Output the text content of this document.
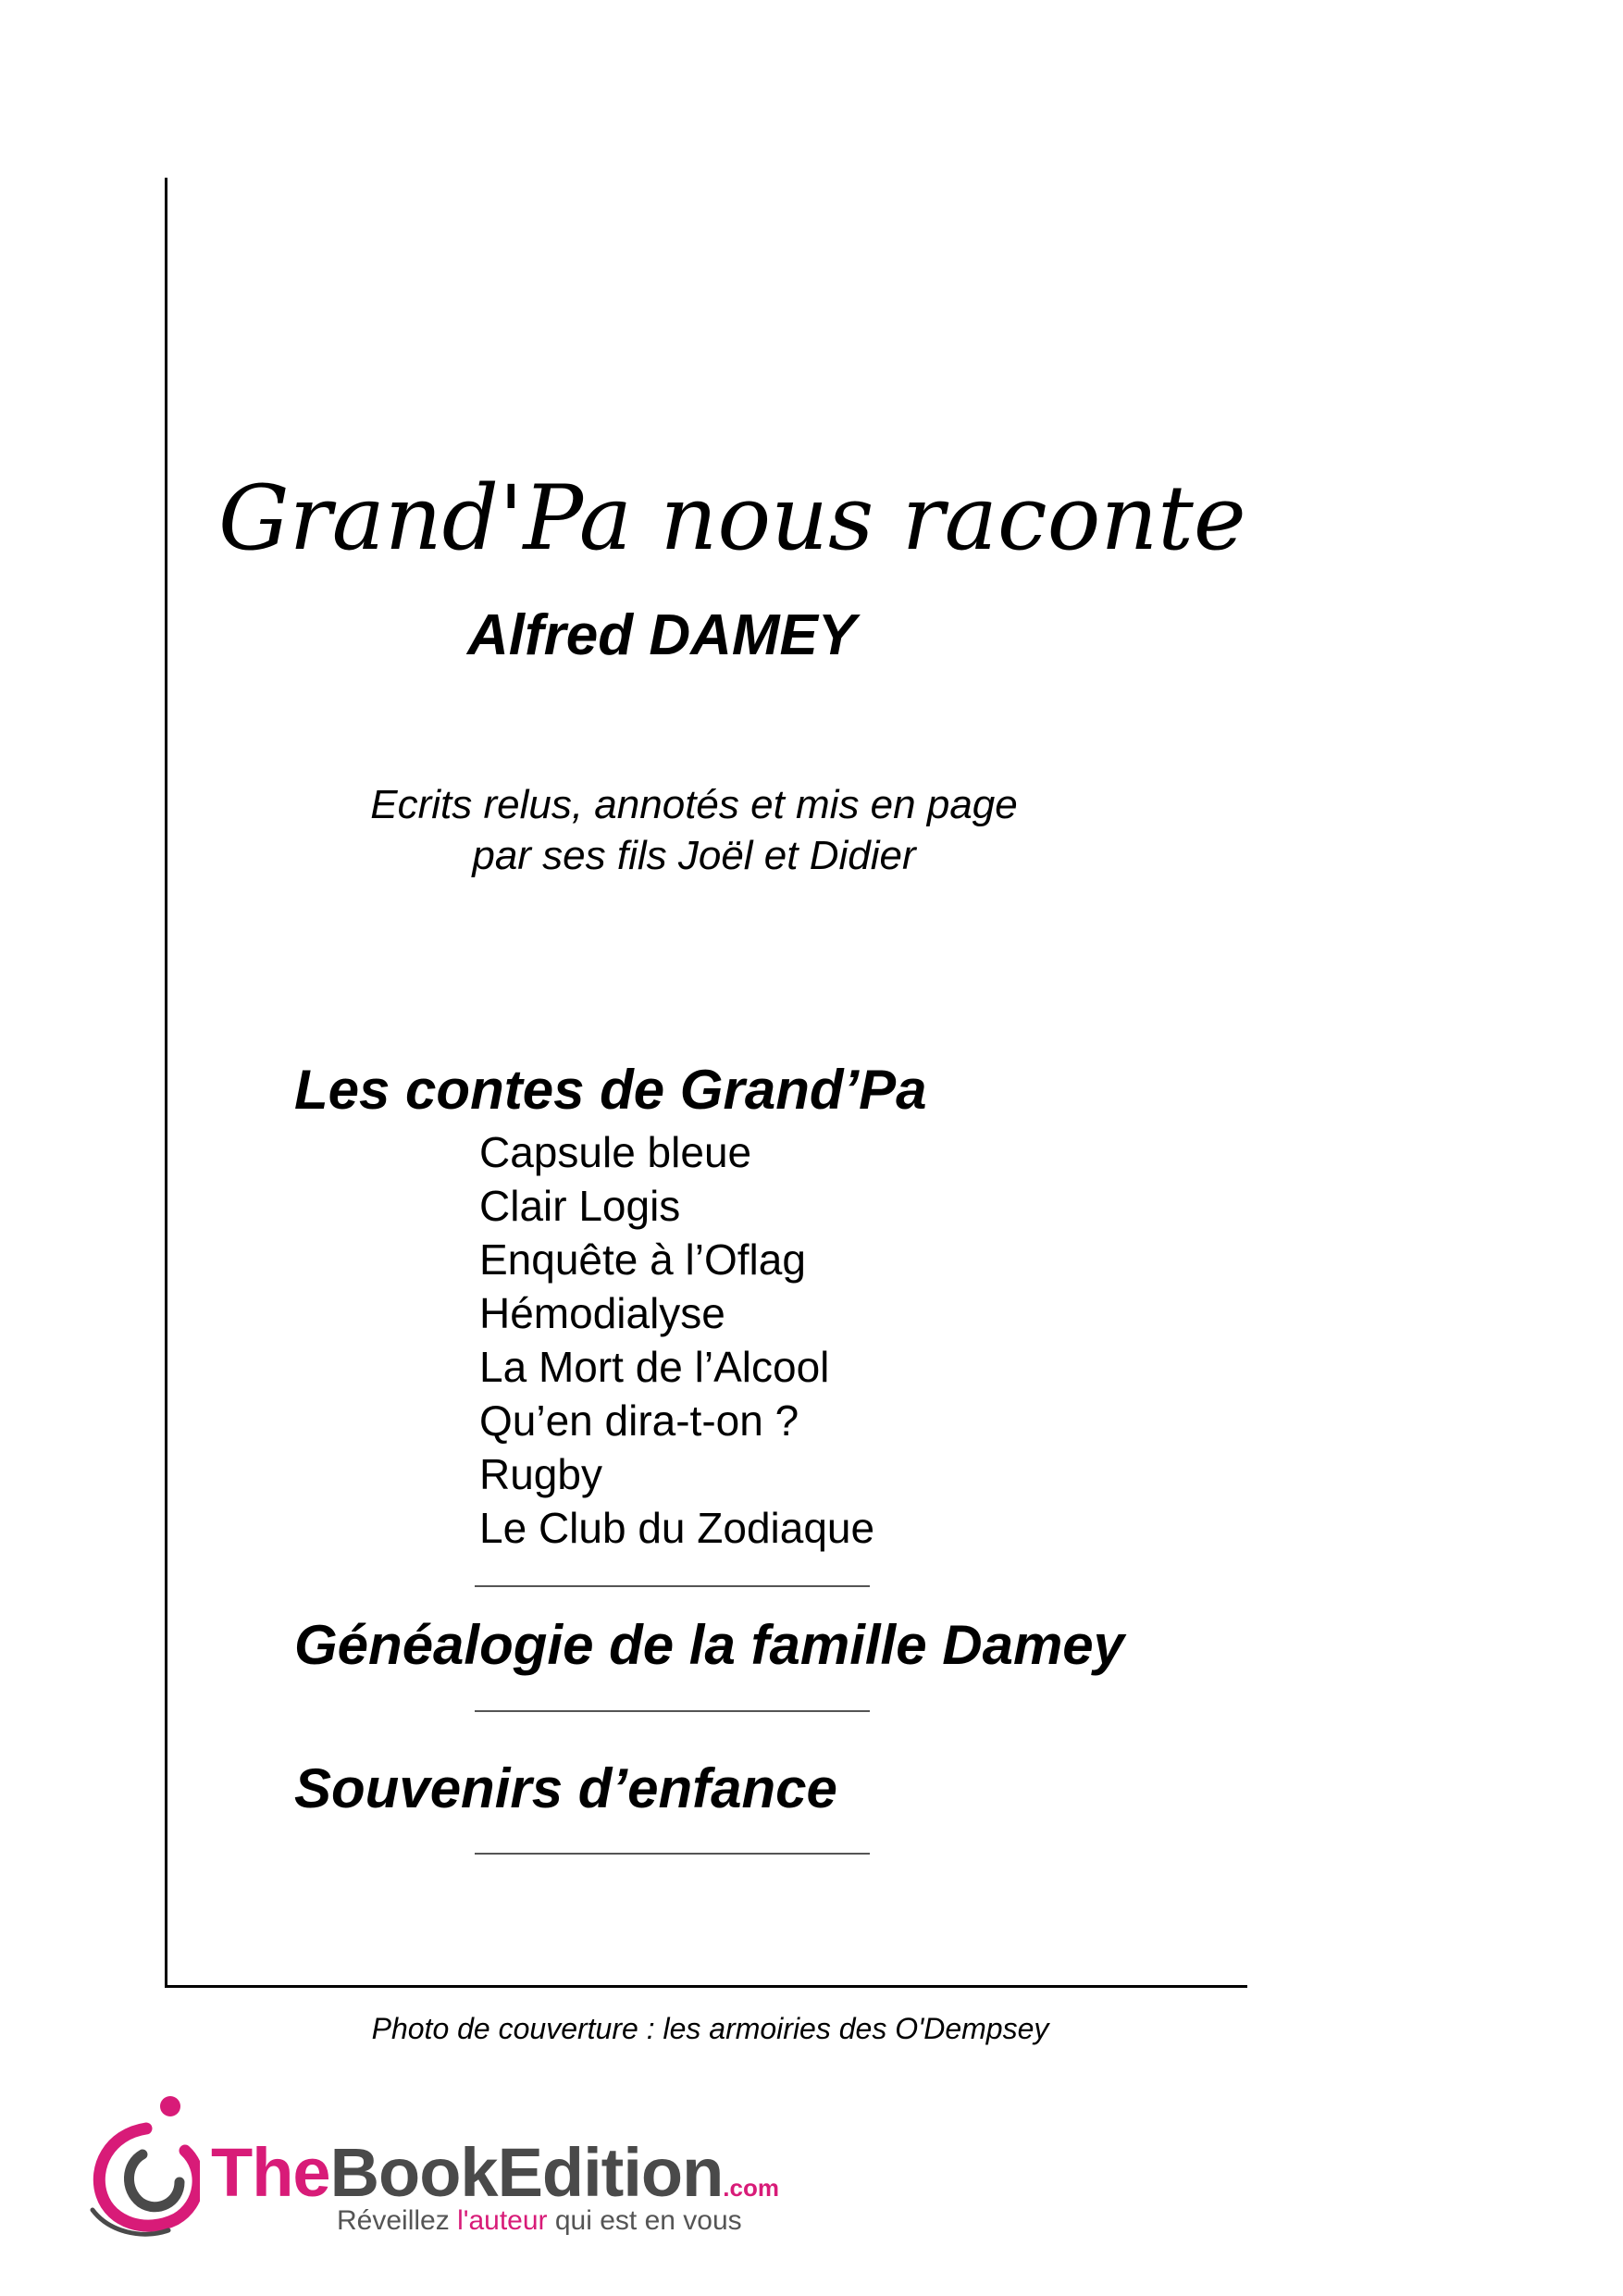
Grand'Pa nous raconte
Alfred DAMEY
Ecrits relus, annotés et mis en page
par ses fils Joël et Didier
Les contes de Grand’Pa
Capsule bleue
Clair Logis
Enquête à l’Oflag
Hémodialyse
La Mort de l’Alcool
Qu’en dira-t-on ?
Rugby
Le Club du Zodiaque
Généalogie de la famille Damey
Souvenirs d’enfance
Photo de couverture : les armoiries des O'Dempsey
TheBookEdition.com
Réveillez l'auteur qui est en vous
